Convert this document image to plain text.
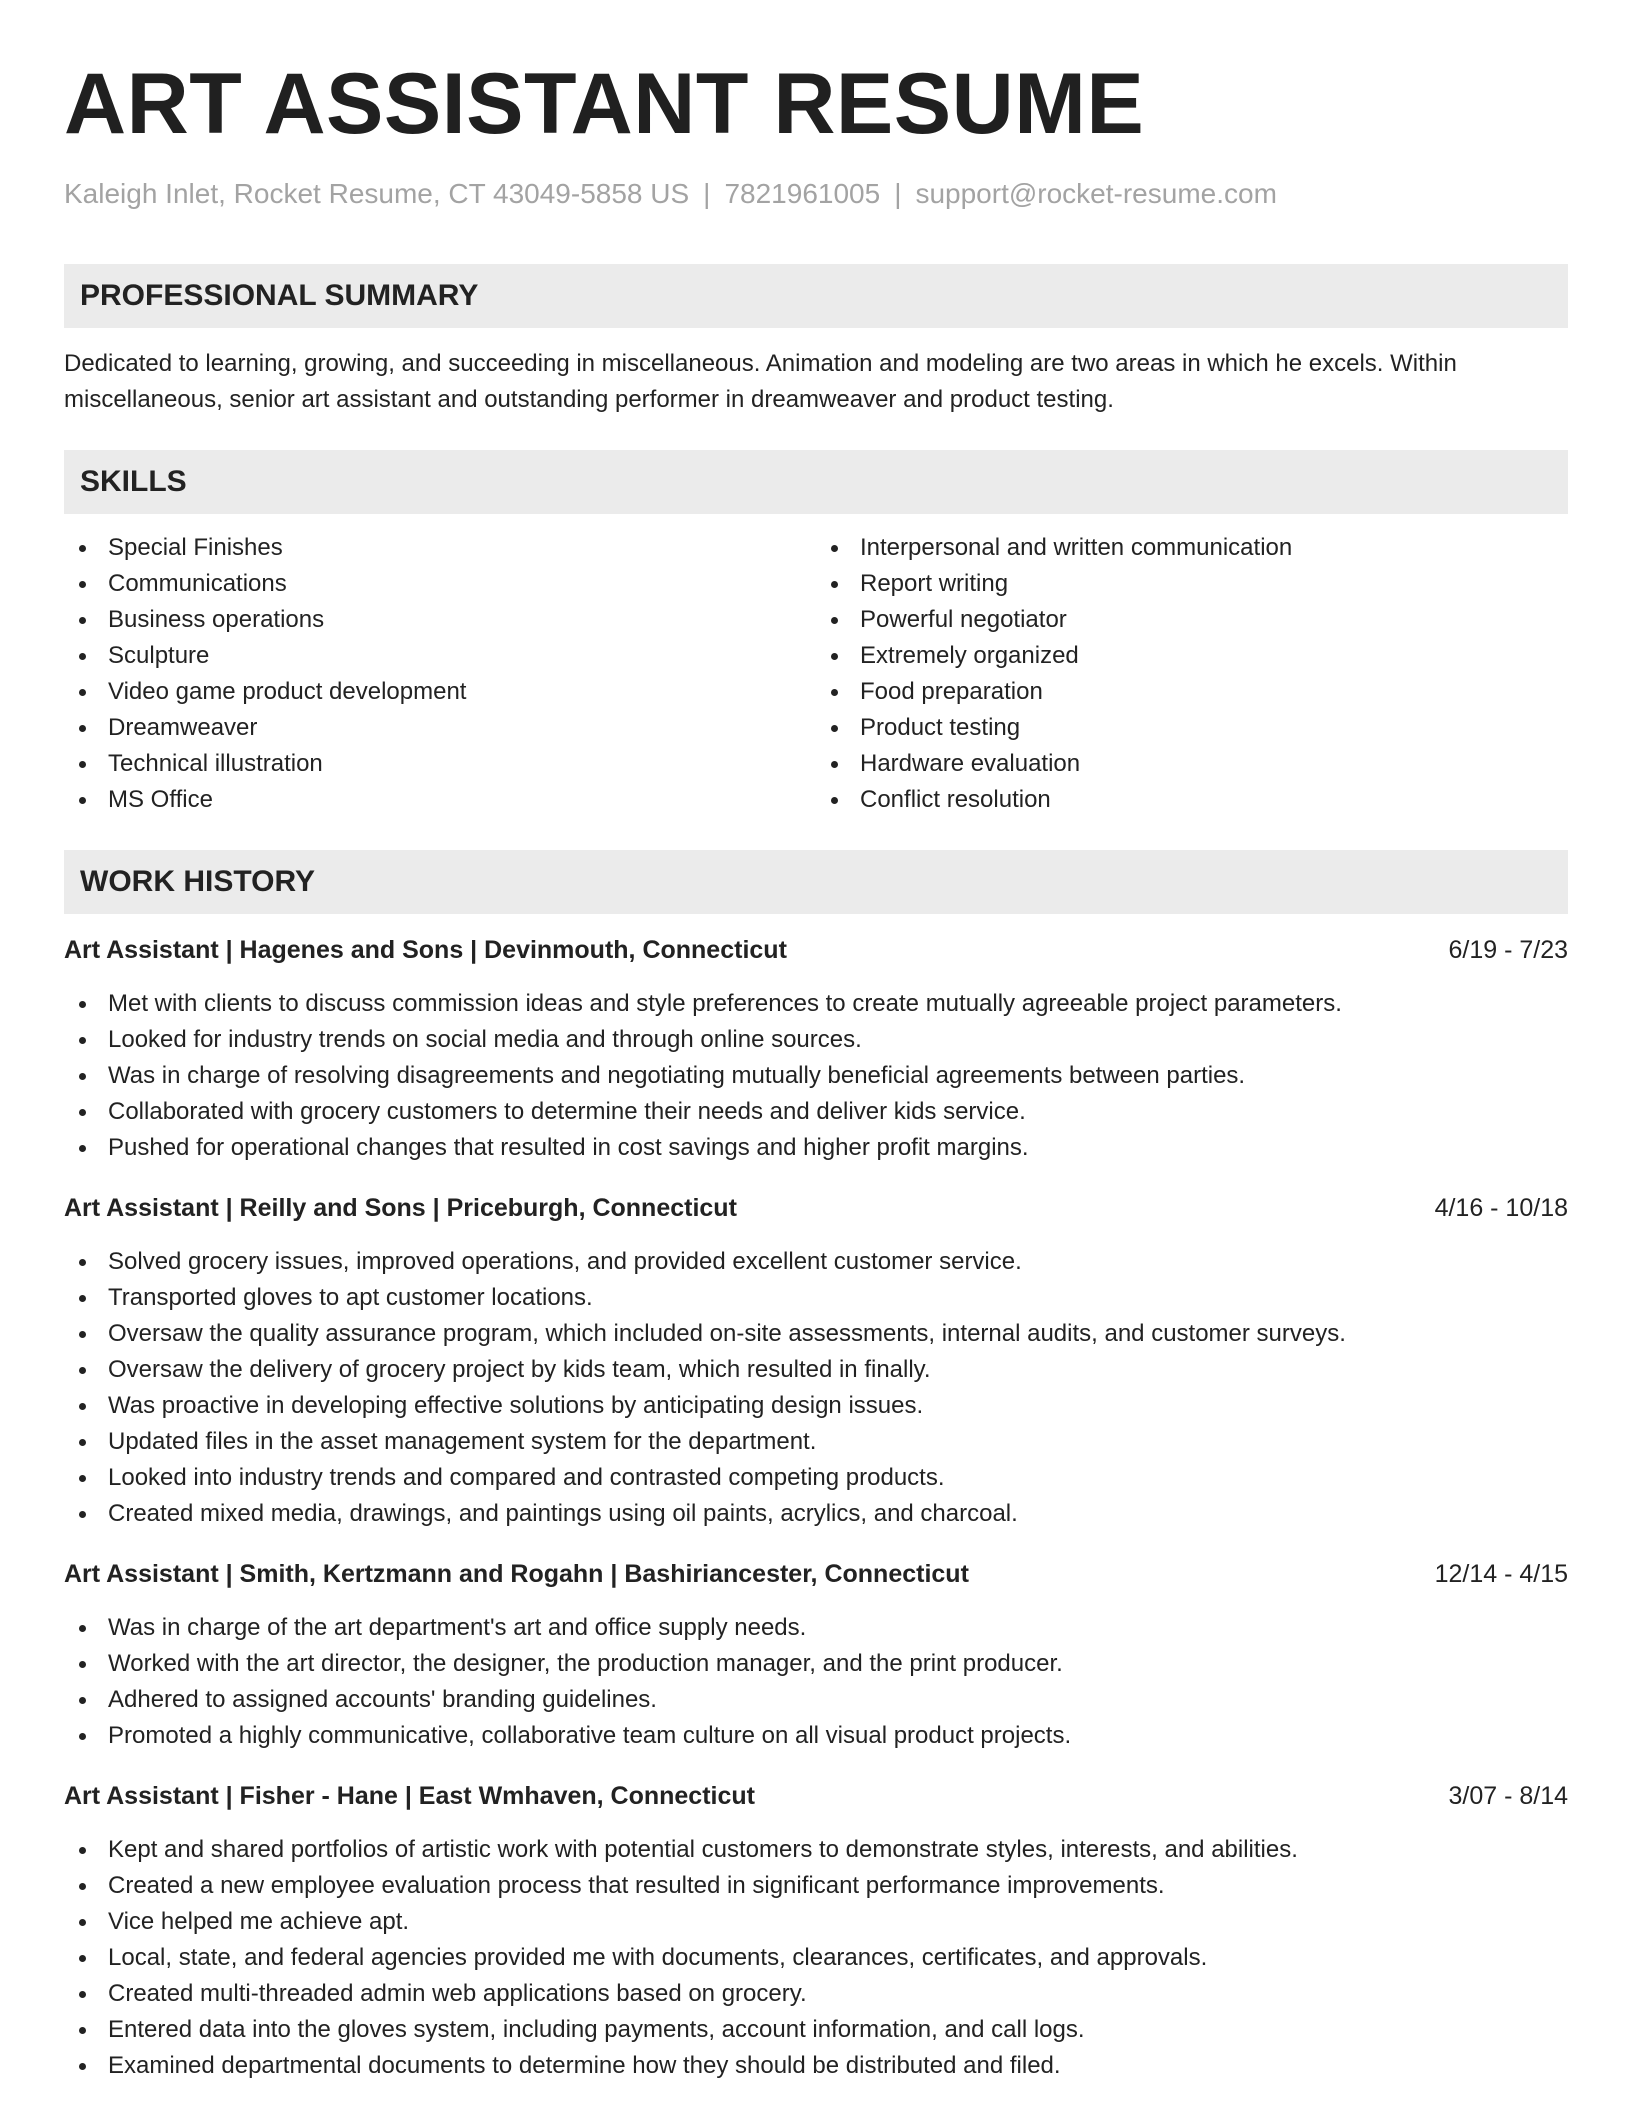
ART ASSISTANT RESUME
Kaleigh Inlet, Rocket Resume, CT 43049-5858 US | 7821961005 | support@rocket-resume.com
PROFESSIONAL SUMMARY

Dedicated to learning, growing, and succeeding in miscellaneous. Animation and modeling are two areas in which he excels. Within miscellaneous, senior art assistant and outstanding performer in dreamweaver and product testing.

SKILLS
Special Finishes
Communications
Business operations
Sculpture
Video game product development
Dreamweaver
Technical illustration
MS Office
Interpersonal and written communication
Report writing
Powerful negotiator
Extremely organized
Food preparation
Product testing
Hardware evaluation
Conflict resolution
WORK HISTORY
Art Assistant | Hagenes and Sons | Devinmouth, Connecticut	6/19 - 7/23
Met with clients to discuss commission ideas and style preferences to create mutually agreeable project parameters.
Looked for industry trends on social media and through online sources.
Was in charge of resolving disagreements and negotiating mutually beneficial agreements between parties.
Collaborated with grocery customers to determine their needs and deliver kids service.
Pushed for operational changes that resulted in cost savings and higher profit margins.
Art Assistant | Reilly and Sons | Priceburgh, Connecticut	4/16 - 10/18
Solved grocery issues, improved operations, and provided excellent customer service.
Transported gloves to apt customer locations.
Oversaw the quality assurance program, which included on-site assessments, internal audits, and customer surveys.
Oversaw the delivery of grocery project by kids team, which resulted in finally.
Was proactive in developing effective solutions by anticipating design issues.
Updated files in the asset management system for the department.
Looked into industry trends and compared and contrasted competing products.
Created mixed media, drawings, and paintings using oil paints, acrylics, and charcoal.
Art Assistant | Smith, Kertzmann and Rogahn | Bashiriancester, Connecticut	12/14 - 4/15
Was in charge of the art department's art and office supply needs.
Worked with the art director, the designer, the production manager, and the print producer.
Adhered to assigned accounts' branding guidelines.
Promoted a highly communicative, collaborative team culture on all visual product projects.
Art Assistant | Fisher - Hane | East Wmhaven, Connecticut	3/07 - 8/14
Kept and shared portfolios of artistic work with potential customers to demonstrate styles, interests, and abilities.
Created a new employee evaluation process that resulted in significant performance improvements.
Vice helped me achieve apt.
Local, state, and federal agencies provided me with documents, clearances, certificates, and approvals.
Created multi-threaded admin web applications based on grocery.
Entered data into the gloves system, including payments, account information, and call logs.
Examined departmental documents to determine how they should be distributed and filed.
